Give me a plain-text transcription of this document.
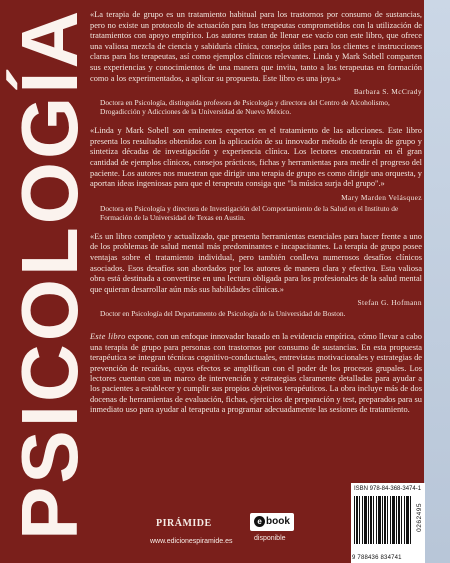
PSICOLOGÍA

«La terapia de grupo es un tratamiento habitual para los trastornos por consumo de sustancias, pero no existe un protocolo de actuación para los terapeutas comprometidos con la utilización de tratamientos con apoyo empírico. Los autores tratan de llenar ese vacío con este libro, que ofrece una valiosa mezcla de ciencia y sabiduría clínica, consejos útiles para los clientes e instrucciones claras para los terapeutas, así como ejemplos clínicos relevantes. Linda y Mark Sobell comparten sus experiencias y conocimientos de una manera que invita, tanto a los terapeutas en formación como a los experimentados, a aplicar su propuesta. Este libro es una joya.»

Barbara S. McCrady

Doctora en Psicología, distinguida profesora de Psicología y directora del Centro de Alcoholismo, Drogadicción y Adicciones de la Universidad de Nuevo México.

«Linda y Mark Sobell son eminentes expertos en el tratamiento de las adicciones. Este libro presenta los resultados obtenidos con la aplicación de su innovador método de terapia de grupo y sintetiza décadas de investigación y experiencia clínica. Los lectores encontrarán en él gran cantidad de ejemplos clínicos, consejos prácticos, fichas y herramientas para medir el progreso del paciente. Los autores nos muestran que dirigir una terapia de grupo es como dirigir una orquesta, y aportan ideas ingeniosas para que el terapeuta consiga que "la música surja del grupo".»

Mary Marden Velásquez

Doctora en Psicología y directora de Investigación del Comportamiento de la Salud en el Instituto de Formación de la Universidad de Texas en Austin.

«Es un libro completo y actualizado, que presenta herramientas esenciales para hacer frente a uno de los problemas de salud mental más predominantes e incapacitantes. La terapia de grupo posee ventajas sobre el tratamiento individual, pero también conlleva numerosos desafíos clínicos asociados. Esos desafíos son abordados por los autores de manera clara y efectiva. Esta valiosa obra está destinada a convertirse en una lectura obligada para los profesionales de la salud mental que quieran desarrollar aún más sus habilidades clínicas.»

Stefan G. Hofmann

Doctor en Psicología del Departamento de Psicología de la Universidad de Boston.

Este libro expone, con un enfoque innovador basado en la evidencia empírica, cómo llevar a cabo una terapia de grupo para personas con trastornos por consumo de sustancias. En esta propuesta terapéutica se integran técnicas cognitivo-conductuales, entrevistas motivacionales y estrategias de prevención de recaídas, cuyos efectos se amplifican con el poder de los procesos grupales. Los lectores cuentan con un marco de intervención y estrategias claramente detalladas para ayudar a los pacientes a establecer y cumplir sus propios objetivos terapéuticos. La obra incluye más de dos docenas de herramientas de evaluación, fichas, ejercicios de preparación y test, preparados para su inmediato uso para ayudar al terapeuta a programar adecuadamente las sesiones de tratamiento.

PIRÁMIDE
www.edicionespiramide.es
e book
disponible
ISBN 978-84-368-3474-1
9 788436 834741
0262495
